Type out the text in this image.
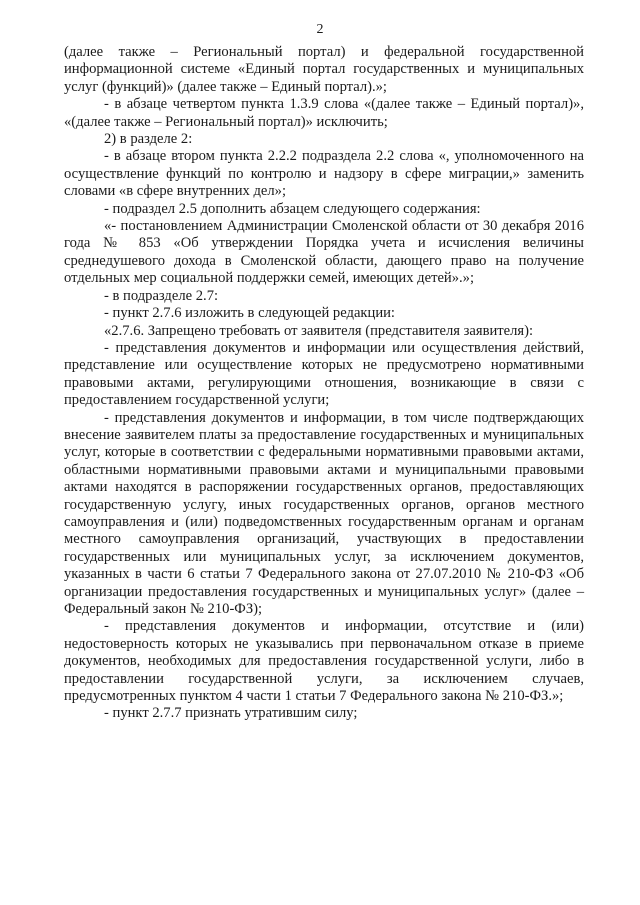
2

(далее также – Региональный портал) и федеральной государственной информационной системе «Единый портал государственных и муниципальных услуг (функций)» (далее также – Единый портал).»;

- в абзаце четвертом пункта 1.3.9 слова «(далее также – Единый портал)», «(далее также – Региональный портал)» исключить;

2) в разделе 2:

- в абзаце втором пункта 2.2.2 подраздела 2.2 слова «, уполномоченного на осуществление функций по контролю и надзору в сфере миграции,» заменить словами «в сфере внутренних дел»;

- подраздел 2.5 дополнить абзацем следующего содержания:

«- постановлением Администрации Смоленской области от 30 декабря 2016 года № 853 «Об утверждении Порядка учета и исчисления величины среднедушевого дохода в Смоленской области, дающего право на получение отдельных мер социальной поддержки семей, имеющих детей».»;

- в подразделе 2.7:

- пункт 2.7.6 изложить в следующей редакции:

«2.7.6. Запрещено требовать от заявителя (представителя заявителя):

- представления документов и информации или осуществления действий, представление или осуществление которых не предусмотрено нормативными правовыми актами, регулирующими отношения, возникающие в связи с предоставлением государственной услуги;

- представления документов и информации, в том числе подтверждающих внесение заявителем платы за предоставление государственных и муниципальных услуг, которые в соответствии с федеральными нормативными правовыми актами, областными нормативными правовыми актами и муниципальными правовыми актами находятся в распоряжении государственных органов, предоставляющих государственную услугу, иных государственных органов, органов местного самоуправления и (или) подведомственных государственным органам и органам местного самоуправления организаций, участвующих в предоставлении государственных или муниципальных услуг, за исключением документов, указанных в части 6 статьи 7 Федерального закона от 27.07.2010 № 210-ФЗ «Об организации предоставления государственных и муниципальных услуг» (далее – Федеральный закон № 210-ФЗ);

- представления документов и информации, отсутствие и (или) недостоверность которых не указывались при первоначальном отказе в приеме документов, необходимых для предоставления государственной услуги, либо в предоставлении государственной услуги, за исключением случаев, предусмотренных пунктом 4 части 1 статьи 7 Федерального закона № 210-ФЗ.»;

- пункт 2.7.7 признать утратившим силу;
